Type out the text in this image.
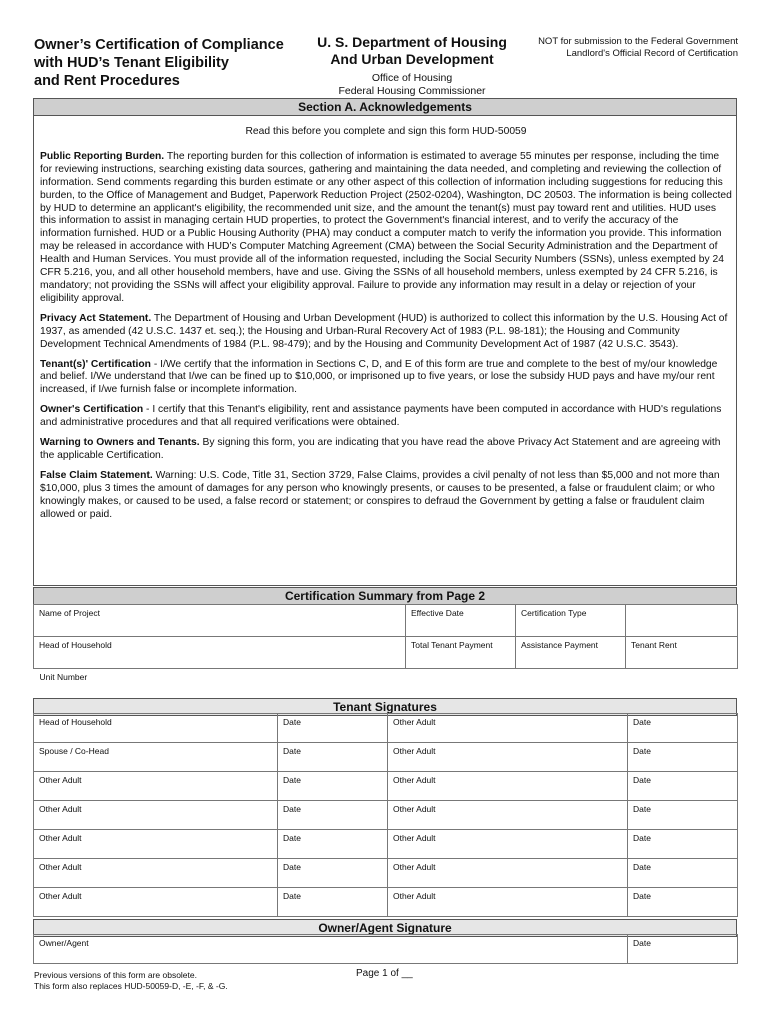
Owner’s Certification of Compliance
with HUD’s Tenant Eligibility
and Rent Procedures
U. S. Department of Housing
And Urban Development
Office of Housing
Federal Housing Commissioner
NOT for submission to the Federal Government
Landlord's Official Record of Certification
Section A. Acknowledgements

Read this before you complete and sign this form HUD-50059

Public Reporting Burden. The reporting burden for this collection of information is estimated to average 55 minutes per response, including the time for reviewing instructions, searching existing data sources, gathering and maintaining the data needed, and completing and reviewing the collection of information. Send comments regarding this burden estimate or any other aspect of this collection of information including suggestions for reducing this burden, to the Office of Management and Budget, Paperwork Reduction Project (2502-0204), Washington, DC 20503. The information is being collected by HUD to determine an applicant's eligibility, the recommended unit size, and the amount the tenant(s) must pay toward rent and utilities. HUD uses this information to assist in managing certain HUD properties, to protect the Government's financial interest, and to verify the accuracy of the information furnished. HUD or a Public Housing Authority (PHA) may conduct a computer match to verify the information you provide. This information may be released in accordance with HUD’s Computer Matching Agreement (CMA) between the Social Security Administration and the Department of Health and Human Services. You must provide all of the information requested, including the Social Security Numbers (SSNs), unless exempted by 24 CFR 5.216, you, and all other household members, have and use. Giving the SSNs of all household members, unless exempted by 24 CFR 5.216, is mandatory; not providing the SSNs will affect your eligibility approval. Failure to provide any information may result in a delay or rejection of your eligibility approval.

Privacy Act Statement. The Department of Housing and Urban Development (HUD) is authorized to collect this information by the U.S. Housing Act of 1937, as amended (42 U.S.C. 1437 et. seq.); the Housing and Urban-Rural Recovery Act of 1983 (P.L. 98-181); the Housing and Community Development Technical Amendments of 1984 (P.L. 98-479); and by the Housing and Community Development Act of 1987 (42 U.S.C. 3543).

Tenant(s)' Certification - I/We certify that the information in Sections C, D, and E of this form are true and complete to the best of my/our knowledge and belief. I/We understand that I/we can be fined up to $10,000, or imprisoned up to five years, or lose the subsidy HUD pays and have my/our rent increased, if I/we furnish false or incomplete information.

Owner's Certification - I certify that this Tenant's eligibility, rent and assistance payments have been computed in accordance with HUD's regulations and administrative procedures and that all required verifications were obtained.

Warning to Owners and Tenants. By signing this form, you are indicating that you have read the above Privacy Act Statement and are agreeing with the applicable Certification.

False Claim Statement. Warning: U.S. Code, Title 31, Section 3729, False Claims, provides a civil penalty of not less than $5,000 and not more than $10,000, plus 3 times the amount of damages for any person who knowingly presents, or causes to be presented, a false or fraudulent claim; or who knowingly makes, or caused to be used, a false record or statement; or conspires to defraud the Government by getting a false or fraudulent claim allowed or paid.

Certification Summary from Page 2
Name of Project	Effective Date	Certification Type	
Head of Household	Total Tenant Payment	Assistance Payment	Tenant Rent
Unit Number			
Tenant Signatures
Head of Household	Date	Other Adult	Date
Spouse / Co-Head	Date	Other Adult	Date
Other Adult	Date	Other Adult	Date
Other Adult	Date	Other Adult	Date
Other Adult	Date	Other Adult	Date
Other Adult	Date	Other Adult	Date
Other Adult	Date	Other Adult	Date
Owner/Agent Signature
Owner/Agent	Date
Previous versions of this form are obsolete.
This form also replaces HUD-50059-D, -E, -F, & -G.
Page 1 of __
